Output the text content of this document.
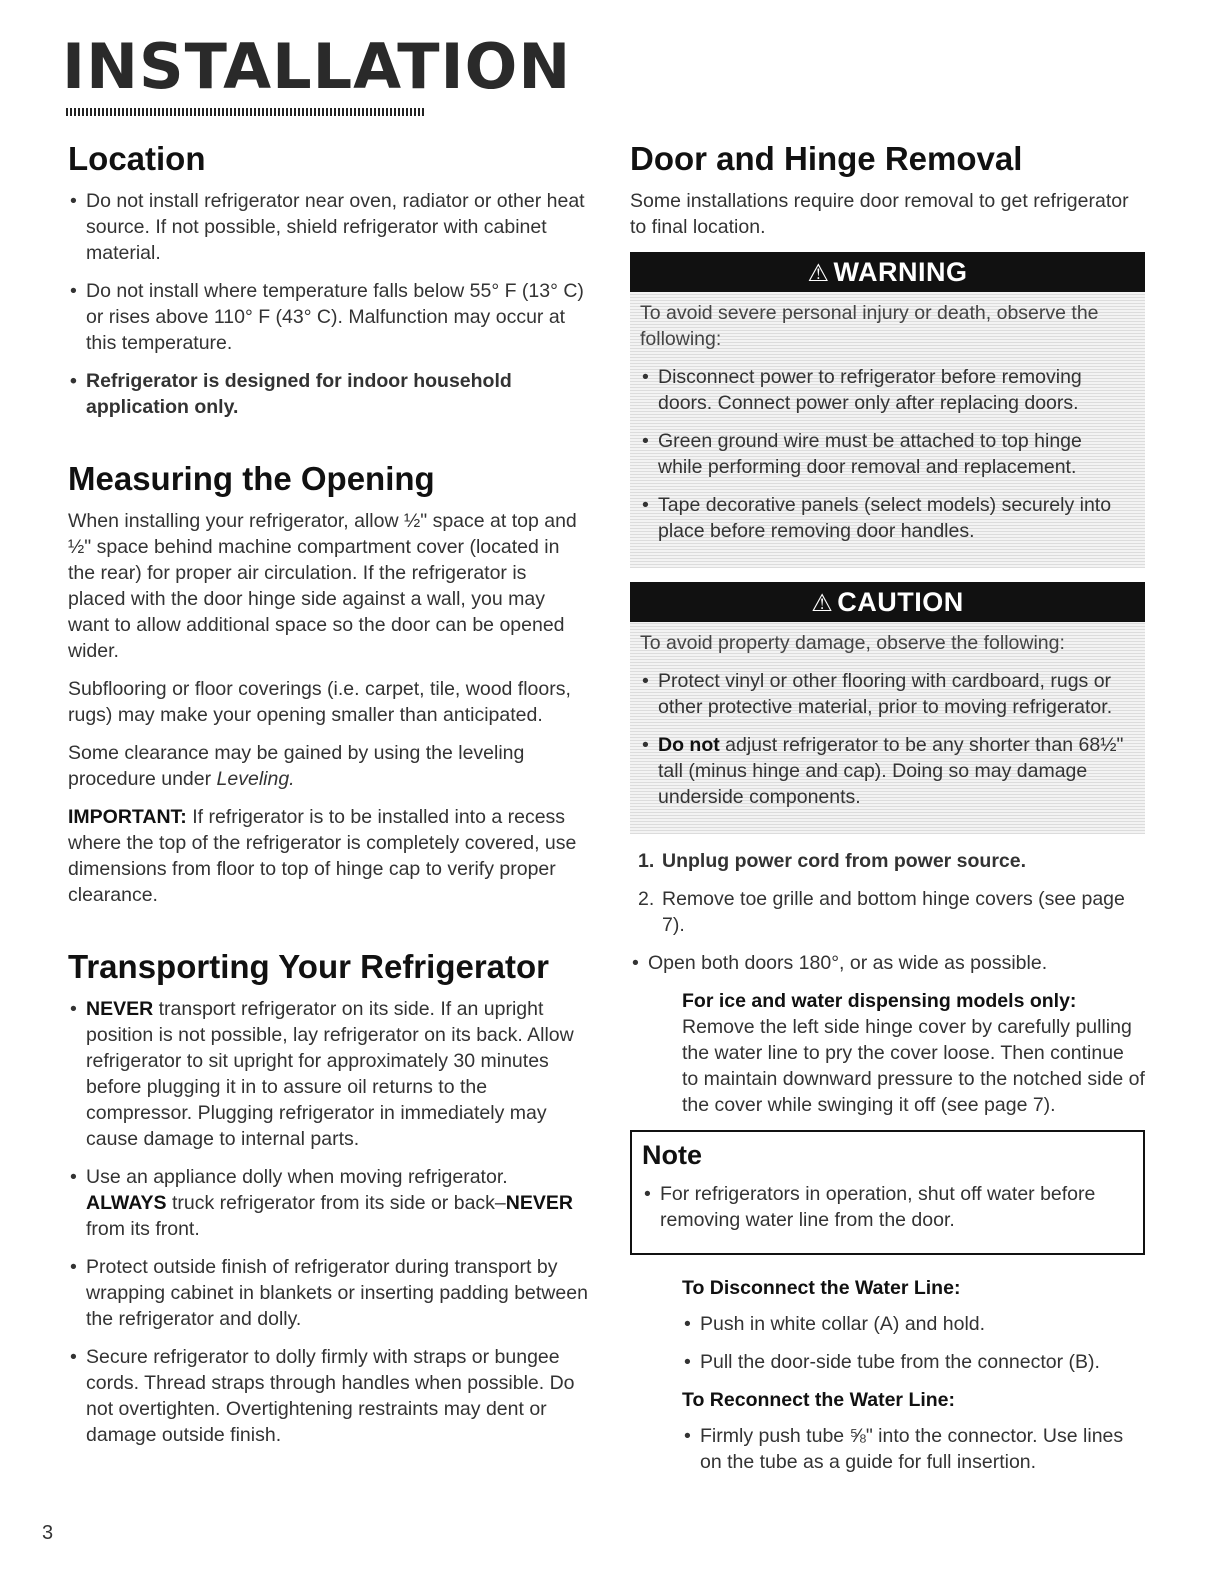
INSTALLATION
Location
• Do not install refrigerator near oven, radiator or other heat source. If not possible, shield refrigerator with cabinet material.
• Do not install where temperature falls below 55° F (13° C) or rises above 110° F (43° C). Malfunction may occur at this temperature.
• Refrigerator is designed for indoor household application only.
Measuring the Opening

When installing your refrigerator, allow ½" space at top and ½" space behind machine compartment cover (located in the rear) for proper air circulation. If the refrigerator is placed with the door hinge side against a wall, you may want to allow additional space so the door can be opened wider.

Subflooring or floor coverings (i.e. carpet, tile, wood floors, rugs) may make your opening smaller than anticipated.

Some clearance may be gained by using the leveling procedure under Leveling.

IMPORTANT: If refrigerator is to be installed into a recess where the top of the refrigerator is completely covered, use dimensions from floor to top of hinge cap to verify proper clearance.

Transporting Your Refrigerator
• NEVER transport refrigerator on its side. If an upright position is not possible, lay refrigerator on its back. Allow refrigerator to sit upright for approximately 30 minutes before plugging it in to assure oil returns to the compressor. Plugging refrigerator in immediately may cause damage to internal parts.
• Use an appliance dolly when moving refrigerator. ALWAYS truck refrigerator from its side or back–NEVER from its front.
• Protect outside finish of refrigerator during transport by wrapping cabinet in blankets or inserting padding between the refrigerator and dolly.
• Secure refrigerator to dolly firmly with straps or bungee cords. Thread straps through handles when possible. Do not overtighten. Overtightening restraints may dent or damage outside finish.
Door and Hinge Removal

Some installations require door removal to get refrigerator to final location.

⚠ WARNING

To avoid severe personal injury or death, observe the following:

• Disconnect power to refrigerator before removing doors. Connect power only after replacing doors.
• Green ground wire must be attached to top hinge while performing door removal and replacement.
• Tape decorative panels (select models) securely into place before removing door handles.
⚠ CAUTION

To avoid property damage, observe the following:

• Protect vinyl or other flooring with cardboard, rugs or other protective material, prior to moving refrigerator.
• Do not adjust refrigerator to be any shorter than 68½" tall (minus hinge and cap). Doing so may damage underside components.
1. Unplug power cord from power source.
2. Remove toe grille and bottom hinge covers (see page 7).
• Open both doors 180°, or as wide as possible.

For ice and water dispensing models only:

Remove the left side hinge cover by carefully pulling the water line to pry the cover loose. Then continue to maintain downward pressure to the notched side of the cover while swinging it off (see page 7).

Note
• For refrigerators in operation, shut off water before removing water line from the door.
To Disconnect the Water Line:
• Push in white collar (A) and hold.
• Pull the door-side tube from the connector (B).
To Reconnect the Water Line:
• Firmly push tube ⅝" into the connector. Use lines on the tube as a guide for full insertion.
3
